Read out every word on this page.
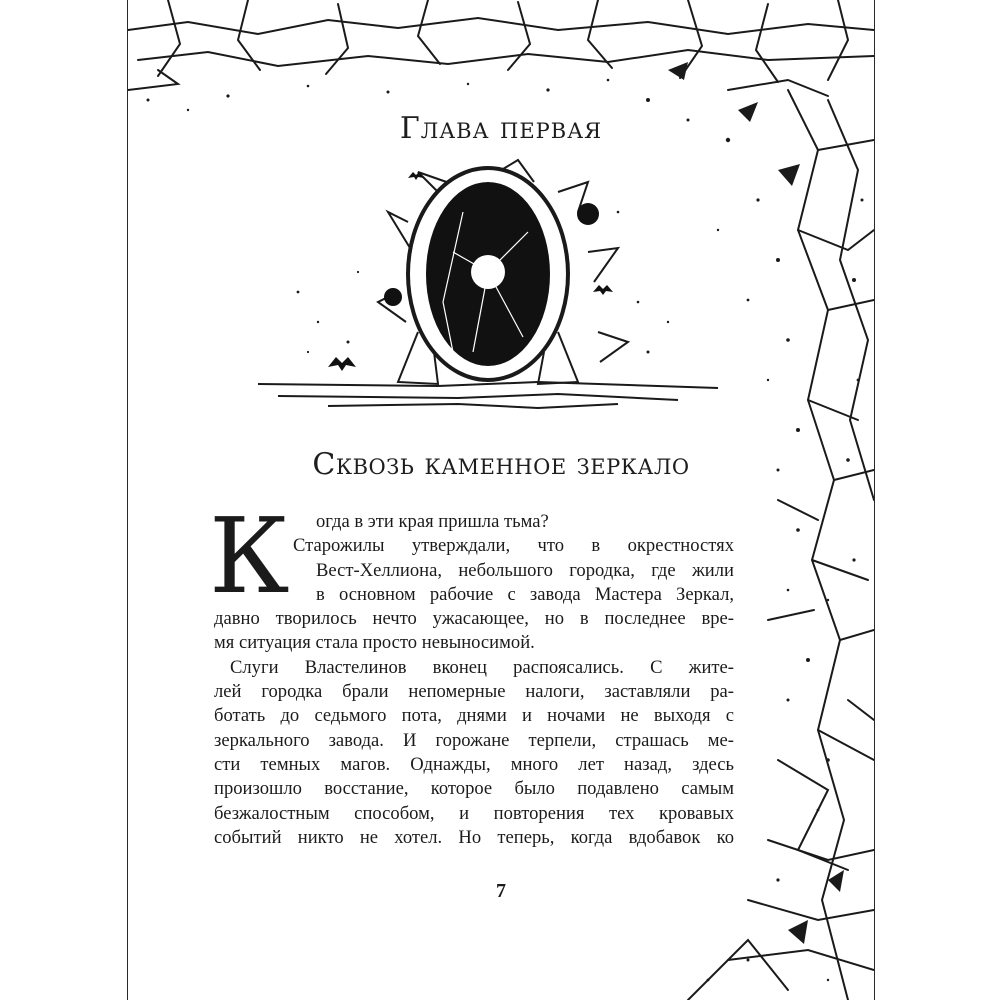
Глава первая
Сквозь каменное зеркало
К	огда в эти края пришла тьма?
Старожилы утверждали, что в окрестностях
Вест-Хеллиона, небольшого городка, где жили
в основном рабочие с завода Мастера Зеркал,
давно творилось нечто ужасающее, но в последнее вре-
мя ситуация стала просто невыносимой.
Слуги Властелинов вконец распоясались. С жите-
лей городка брали непомерные налоги, заставляли ра-
ботать до седьмого пота, днями и ночами не выходя с
зеркального завода. И горожане терпели, страшась ме-
сти темных магов. Однажды, много лет назад, здесь
произошло восстание, которое было подавлено самым
безжалостным способом, и повторения тех кровавых
событий никто не хотел. Но теперь, когда вдобавок ко
7
